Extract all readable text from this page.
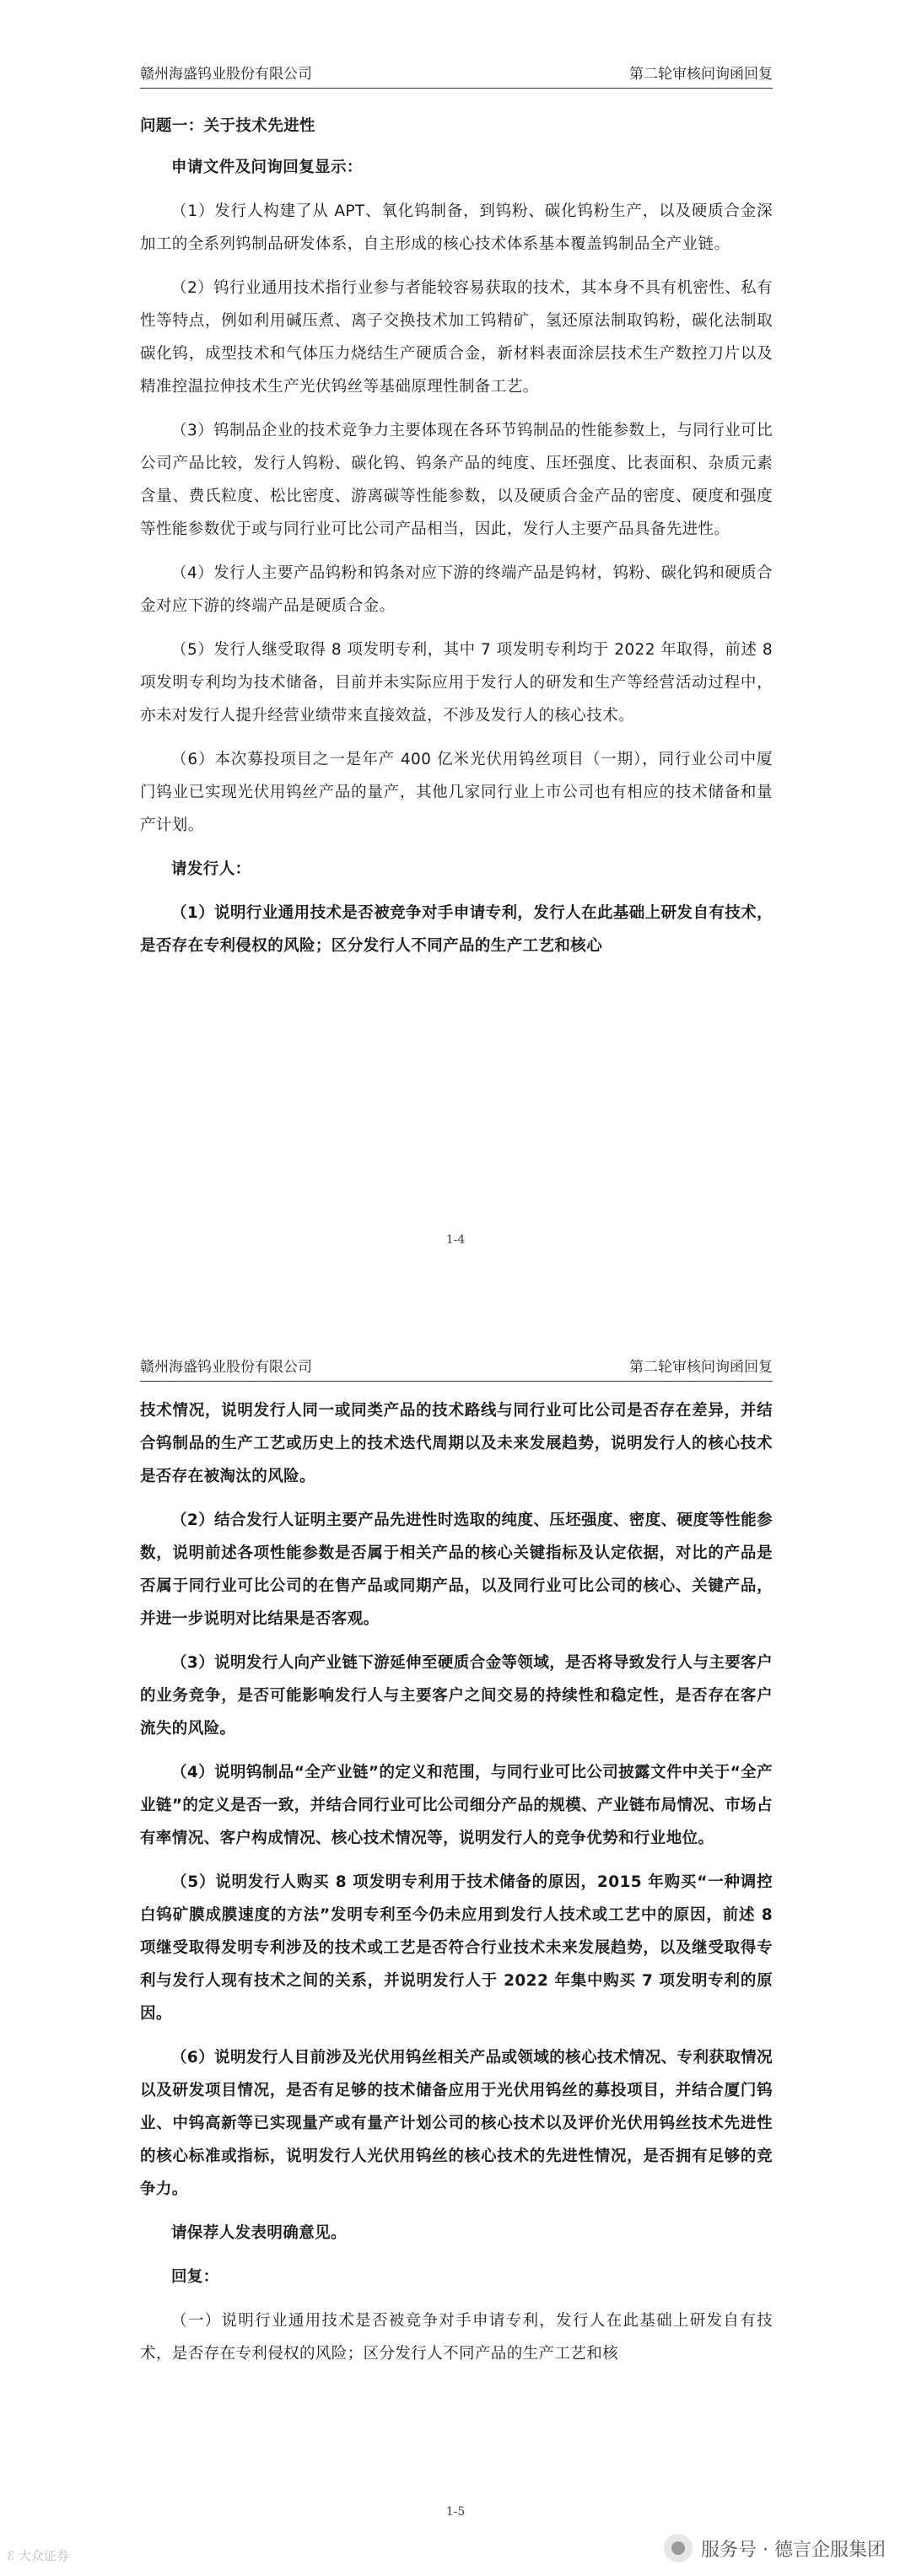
赣州海盛钨业股份有限公司	第二轮审核问询函回复

问题一：关于技术先进性

申请文件及问询回复显示：

（1）发行人构建了从 APT、氧化钨制备，到钨粉、碳化钨粉生产，以及硬质合金深加工的全系列钨制品研发体系，自主形成的核心技术体系基本覆盖钨制品全产业链。

（2）钨行业通用技术指行业参与者能较容易获取的技术，其本身不具有机密性、私有性等特点，例如利用碱压煮、离子交换技术加工钨精矿，氢还原法制取钨粉，碳化法制取碳化钨，成型技术和气体压力烧结生产硬质合金，新材料表面涂层技术生产数控刀片以及精准控温拉伸技术生产光伏钨丝等基础原理性制备工艺。

（3）钨制品企业的技术竞争力主要体现在各环节钨制品的性能参数上，与同行业可比公司产品比较，发行人钨粉、碳化钨、钨条产品的纯度、压坯强度、比表面积、杂质元素含量、费氏粒度、松比密度、游离碳等性能参数，以及硬质合金产品的密度、硬度和强度等性能参数优于或与同行业可比公司产品相当，因此，发行人主要产品具备先进性。

（4）发行人主要产品钨粉和钨条对应下游的终端产品是钨材，钨粉、碳化钨和硬质合金对应下游的终端产品是硬质合金。

（5）发行人继受取得 8 项发明专利，其中 7 项发明专利均于 2022 年取得，前述 8 项发明专利均为技术储备，目前并未实际应用于发行人的研发和生产等经营活动过程中，亦未对发行人提升经营业绩带来直接效益，不涉及发行人的核心技术。

（6）本次募投项目之一是年产 400 亿米光伏用钨丝项目（一期），同行业公司中厦门钨业已实现光伏用钨丝产品的量产，其他几家同行业上市公司也有相应的技术储备和量产计划。

请发行人：

（1）说明行业通用技术是否被竞争对手申请专利，发行人在此基础上研发自有技术，是否存在专利侵权的风险；区分发行人不同产品的生产工艺和核心

1-4
赣州海盛钨业股份有限公司	第二轮审核问询函回复

技术情况，说明发行人同一或同类产品的技术路线与同行业可比公司是否存在差异，并结合钨制品的生产工艺或历史上的技术迭代周期以及未来发展趋势，说明发行人的核心技术是否存在被淘汰的风险。

（2）结合发行人证明主要产品先进性时选取的纯度、压坯强度、密度、硬度等性能参数，说明前述各项性能参数是否属于相关产品的核心关键指标及认定依据，对比的产品是否属于同行业可比公司的在售产品或同期产品，以及同行业可比公司的核心、关键产品，并进一步说明对比结果是否客观。

（3）说明发行人向产业链下游延伸至硬质合金等领域，是否将导致发行人与主要客户的业务竞争，是否可能影响发行人与主要客户之间交易的持续性和稳定性，是否存在客户流失的风险。

（4）说明钨制品“全产业链”的定义和范围，与同行业可比公司披露文件中关于“全产业链”的定义是否一致，并结合同行业可比公司细分产品的规模、产业链布局情况、市场占有率情况、客户构成情况、核心技术情况等，说明发行人的竞争优势和行业地位。

（5）说明发行人购买 8 项发明专利用于技术储备的原因，2015 年购买“一种调控白钨矿膜成膜速度的方法”发明专利至今仍未应用到发行人技术或工艺中的原因，前述 8 项继受取得发明专利涉及的技术或工艺是否符合行业技术未来发展趋势，以及继受取得专利与发行人现有技术之间的关系，并说明发行人于 2022 年集中购买 7 项发明专利的原因。

（6）说明发行人目前涉及光伏用钨丝相关产品或领域的核心技术情况、专利获取情况以及研发项目情况，是否有足够的技术储备应用于光伏用钨丝的募投项目，并结合厦门钨业、中钨高新等已实现量产或有量产计划公司的核心技术以及评价光伏用钨丝技术先进性的核心标准或指标，说明发行人光伏用钨丝的核心技术的先进性情况，是否拥有足够的竞争力。

请保荐人发表明确意见。

回复：

（一）说明行业通用技术是否被竞争对手申请专利，发行人在此基础上研发自有技术，是否存在专利侵权的风险；区分发行人不同产品的生产工艺和核

1-5
ℰ 大众证券	服务号 · 德言企服集团
